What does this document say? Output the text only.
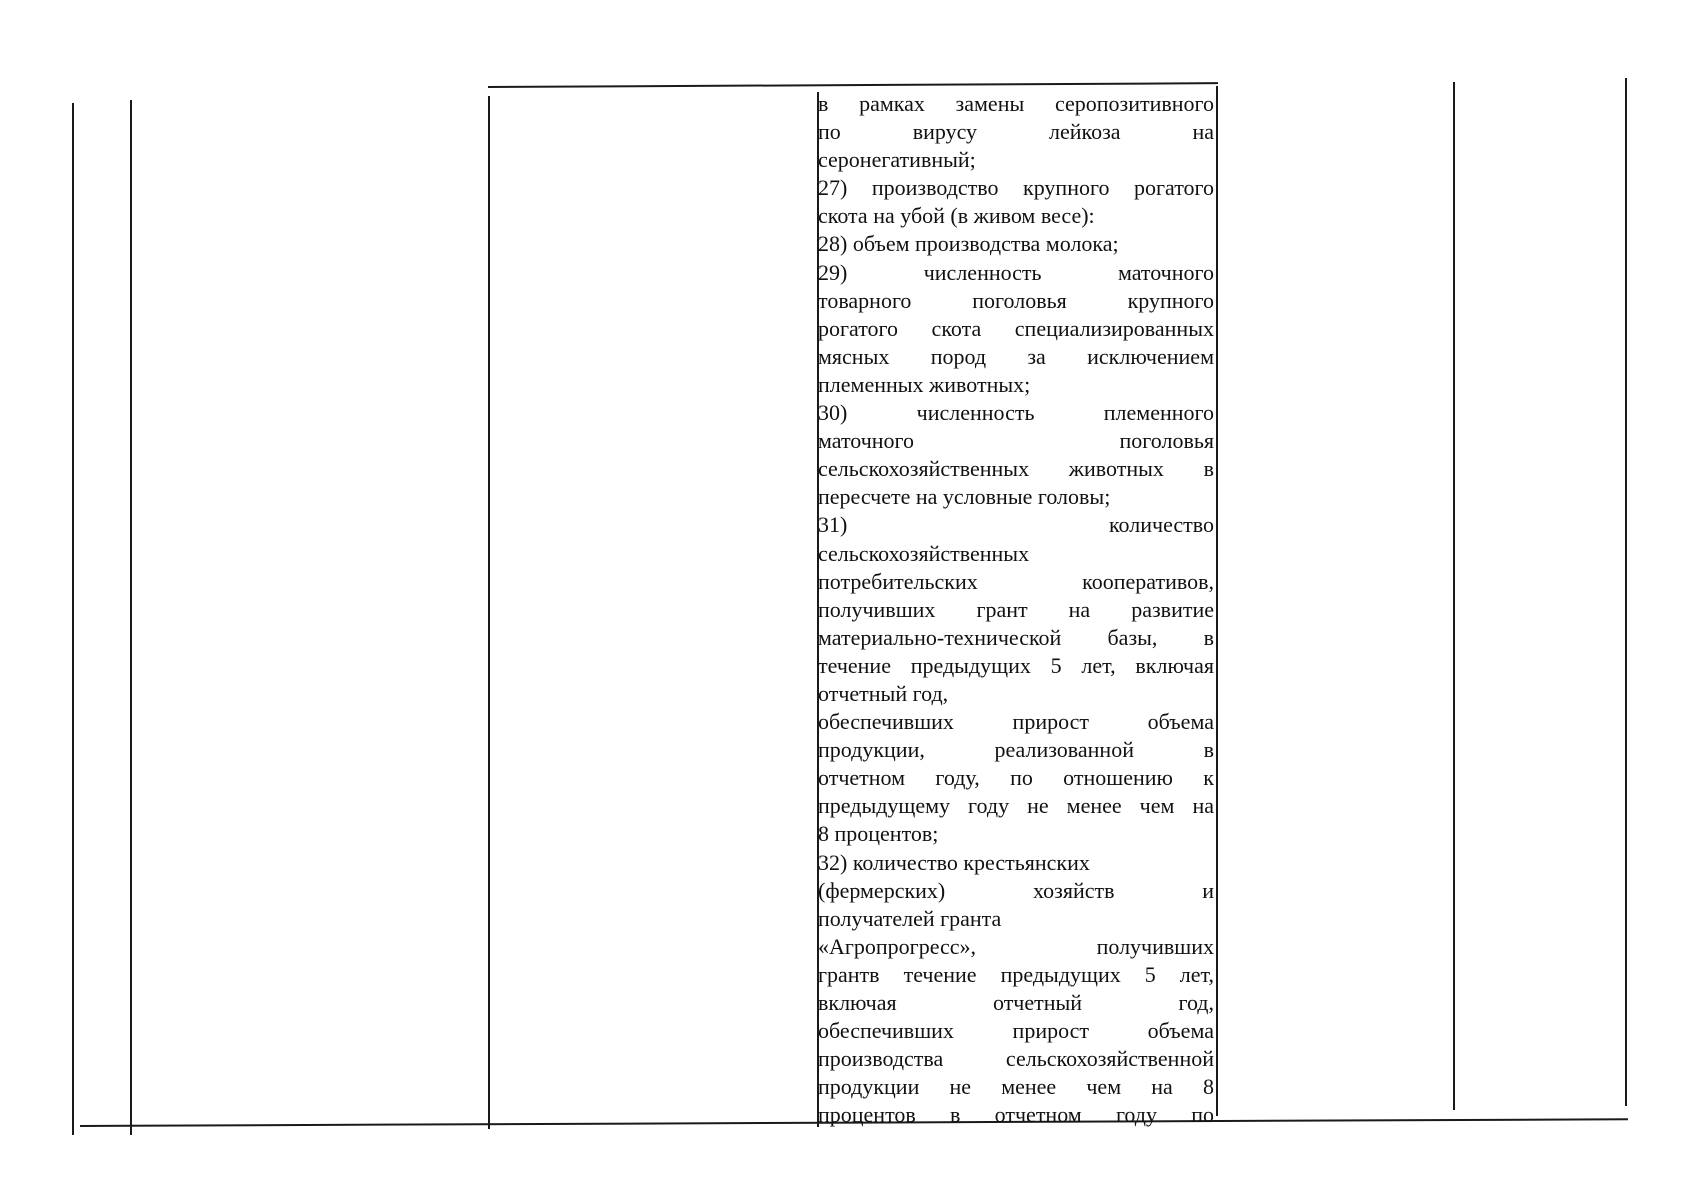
в рамках замены серопозитивного

по вирусу лейкоза на

серонегативный;

27) производство крупного рогатого

скота на убой (в живом весе):

28) объем производства молока;

29) численность маточного

товарного поголовья крупного

рогатого скота специализированных

мясных пород за исключением

племенных животных;

30) численность племенного

маточного поголовья

сельскохозяйственных животных в

пересчете на условные головы;

31) количество

сельскохозяйственных

потребительских кооперативов,

получивших грант на развитие

материально-технической базы, в

течение предыдущих 5 лет, включая

отчетный год,

обеспечивших прирост объема

продукции, реализованной в

отчетном году, по отношению к

предыдущему году не менее чем на

8 процентов;

32) количество крестьянских

(фермерских) хозяйств и

получателей гранта

«Агропрогресс», получивших

грантв течение предыдущих 5 лет,

включая отчетный год,

обеспечивших прирост объема

производства сельскохозяйственной

продукции не менее чем на 8

процентов в отчетном году по
